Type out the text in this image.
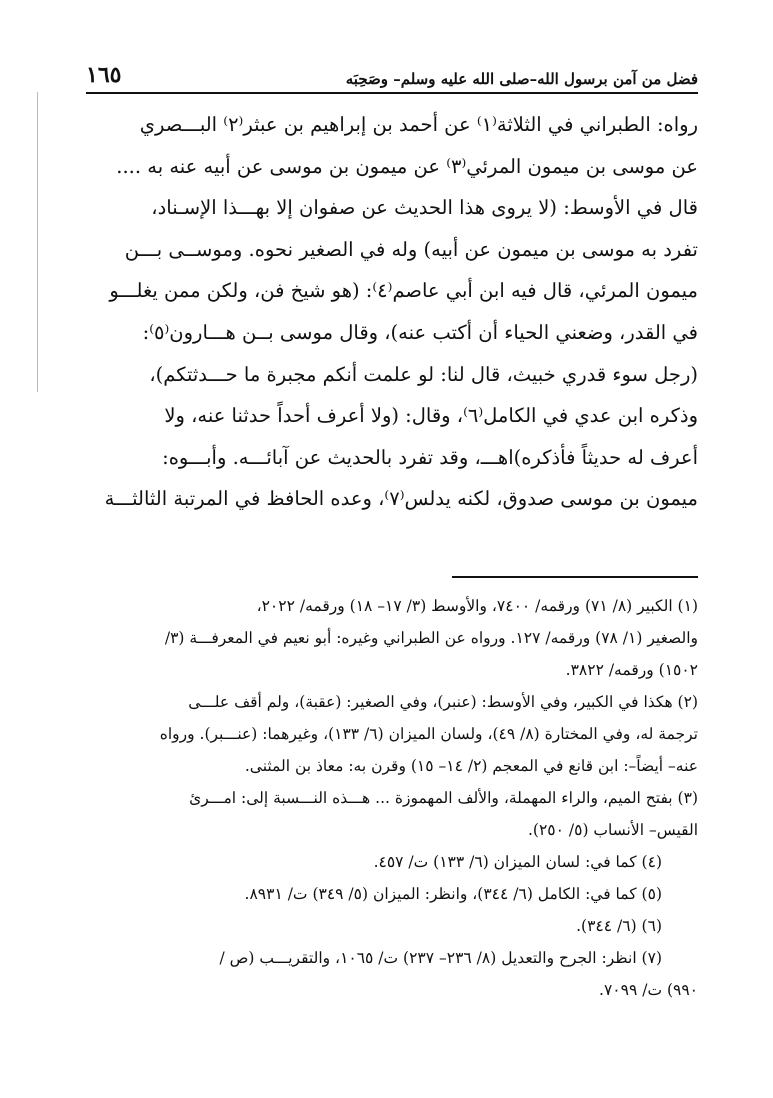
فضل من آمن برسول الله–صلى الله عليه وسلم– وصَحِبَه
١٦٥

رواه: الطبراني في الثلاثة⁽١⁾ عن أحمد بن إبراهيم بن عبثر⁽٢⁾ البـــصري

عن موسى بن ميمون المرئي⁽٣⁾ عن ميمون بن موسى عن أبيه عنه به ....

قال في الأوسط: (لا يروى هذا الحديث عن صفوان إلا بهـــذا الإسـناد،

تفرد به موسى بن ميمون عن أبيه) وله في الصغير نحوه. وموســى بـــن

ميمون المرئي، قال فيه ابن أبي عاصم⁽٤⁾: (هو شيخ فن، ولكن ممن يغلـــو

في القدر، وضعني الحياء أن أكتب عنه)، وقال موسى بــن هـــارون⁽٥⁾:

(رجل سوء قدري خبيث، قال لنا: لو علمت أنكم مجبرة ما حـــدثتكم)،

وذكره ابن عدي في الكامل⁽٦⁾، وقال: (ولا أعرف أحداً حدثنا عنه، ولا

أعرف له حديثاً فأذكره)اهـــ، وقد تفرد بالحديث عن آبائـــه. وأبـــوه:

ميمون بن موسى صدوق، لكنه يدلس⁽٧⁾، وعده الحافظ في المرتبة الثالثـــة

(١) الكبير (٨/ ٧١) ورقمه/ ٧٤٠٠، والأوسط (٣/ ١٧– ١٨) ورقمه/ ٢٠٢٢،

والصغير (١/ ٧٨) ورقمه/ ١٢٧. ورواه عن الطبراني وغيره: أبو نعيم في المعرفـــة (٣/

١٥٠٢) ورقمه/ ٣٨٢٢.

(٢) هكذا في الكبير، وفي الأوسط: (عنبر)، وفي الصغير: (عقبة)، ولم أقف علـــى

ترجمة له، وفي المختارة (٨/ ٤٩)، ولسان الميزان (٦/ ١٣٣)، وغيرهما: (عنـــبر). ورواه

عنه– أيضاً–: ابن قانع في المعجم (٢/ ١٤– ١٥) وقرن به: معاذ بن المثنى.

(٣) بفتح الميم، والراء المهملة، والألف المهموزة ... هـــذه النـــسبة إلى: امـــرئ

القيس– الأنساب (٥/ ٢٥٠).

(٤) كما في: لسان الميزان (٦/ ١٣٣) ت/ ٤٥٧.

(٥) كما في: الكامل (٦/ ٣٤٤)، وانظر: الميزان (٥/ ٣٤٩) ت/ ٨٩٣١.

(٦) (٦/ ٣٤٤).

(٧) انظر: الجرح والتعديل (٨/ ٢٣٦– ٢٣٧) ت/ ١٠٦٥، والتقريـــب (ص /

٩٩٠) ت/ ٧٠٩٩.
